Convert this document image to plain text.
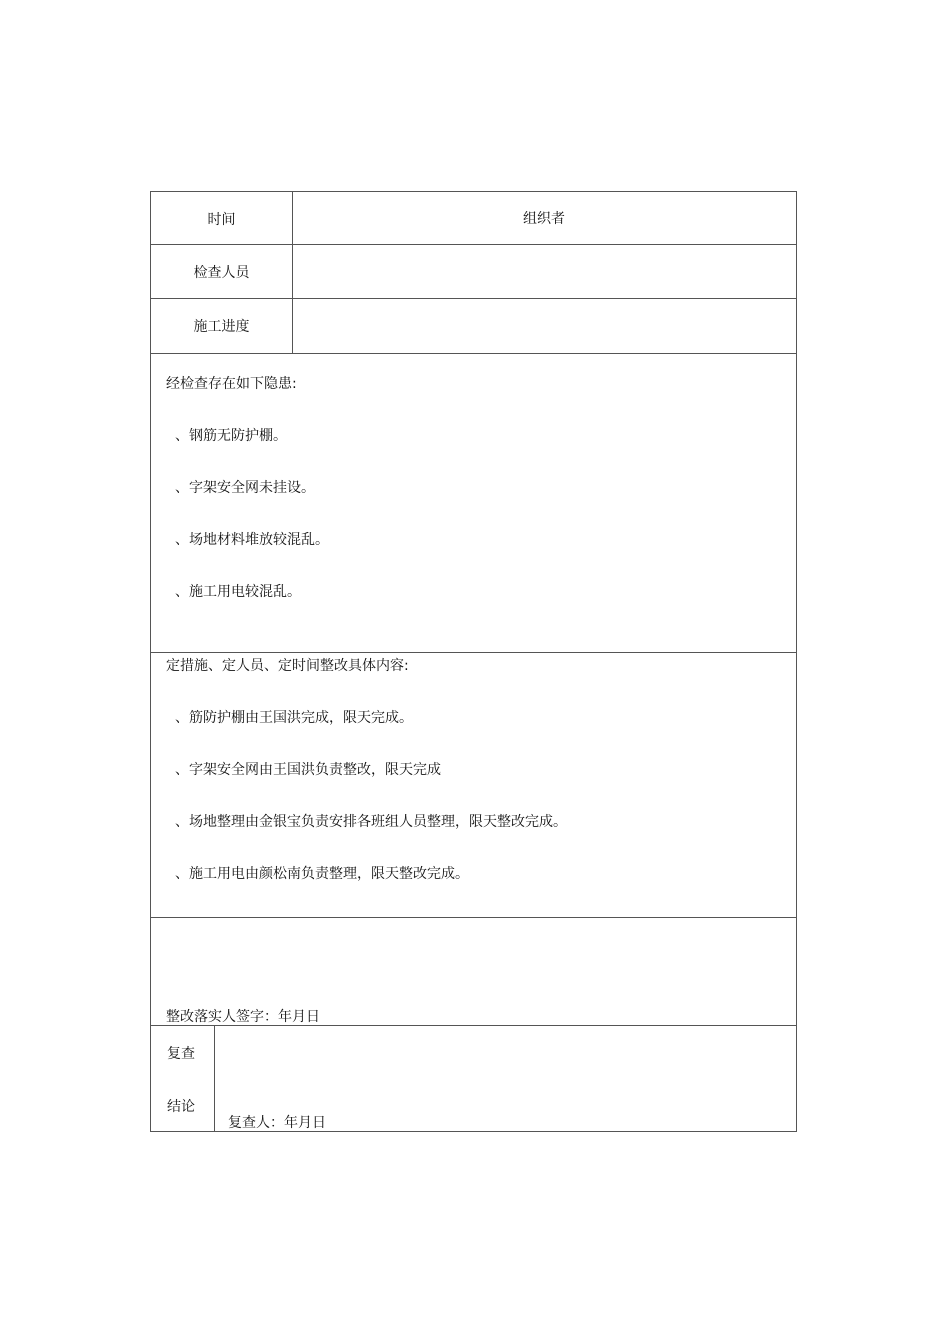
时间	组织者
检查人员
施工进度
经检查存在如下隐患:
、钢筋无防护棚。
、字架安全网未挂设。
、场地材料堆放较混乱。
、施工用电较混乱。
定措施、定人员、定时间整改具体内容:
、筋防护棚由王国洪完成，限天完成。
、字架安全网由王国洪负责整改，限天完成
、场地整理由金银宝负责安排各班组人员整理，限天整改完成。
、施工用电由颜松南负责整理，限天整改完成。
整改落实人签字：年月日
复查
结论
复查人：年月日
